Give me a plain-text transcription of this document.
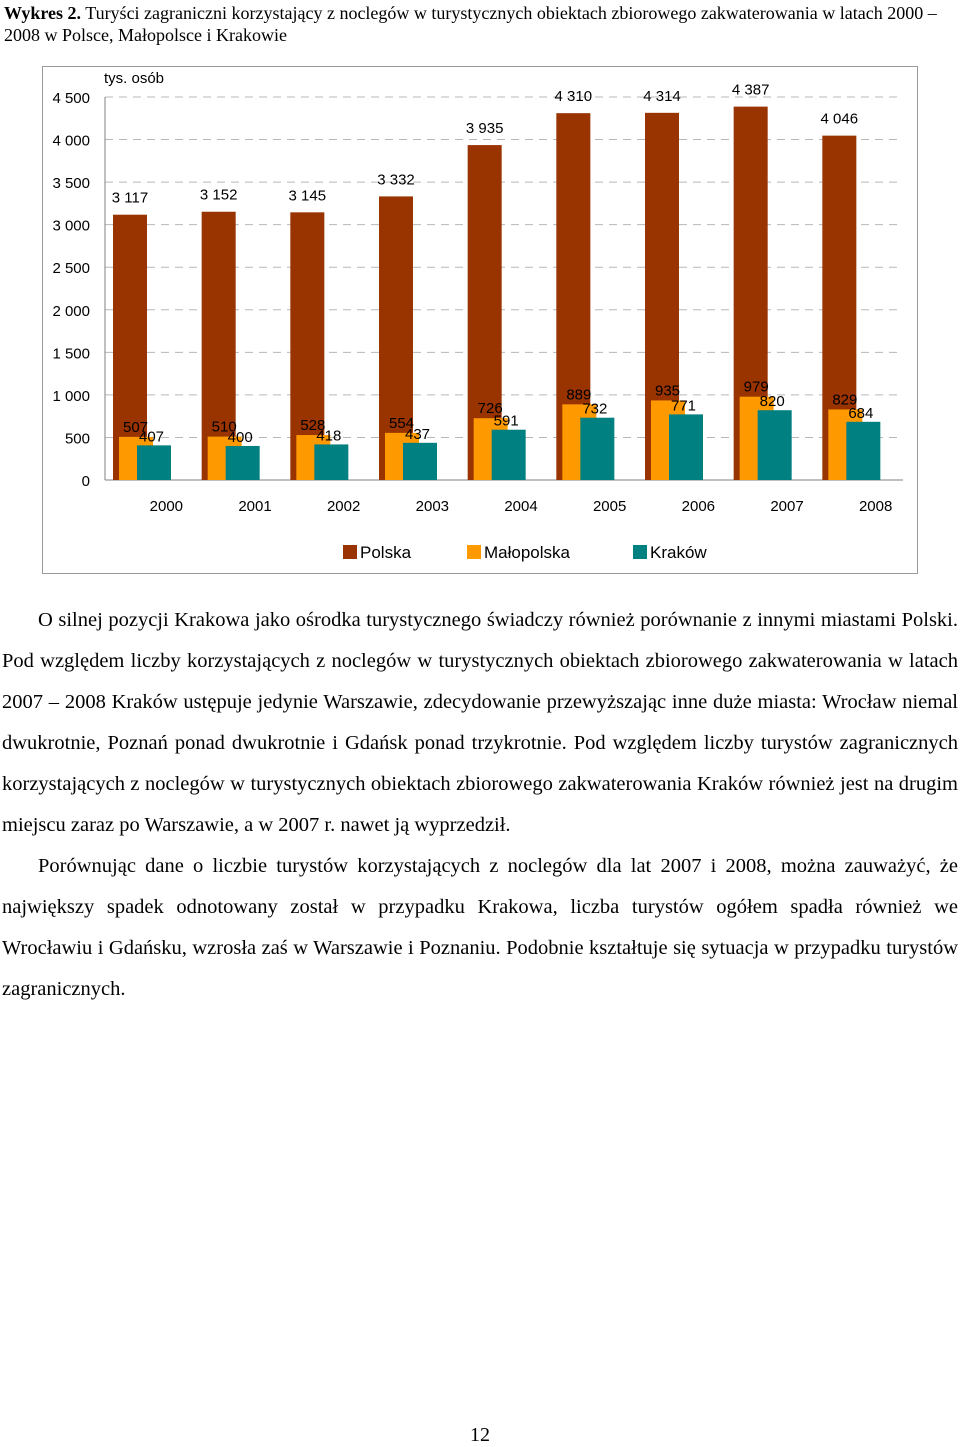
Wykres 2. Turyści zagraniczni korzystający z noclegów w turystycznych obiektach zbiorowego zakwaterowania w latach 2000 – 2008 w Polsce, Małopolsce i Krakowie
0
500
1 000
1 500
2 000
2 500
3 000
3 500
4 000
4 500
tys. osób
3 117
507
407
2000
3 152
510
400
2001
3 145
528
418
2002
3 332
554
437
2003
3 935
726
591
2004
4 310
889
732
2005
4 314
935
771
2006
4 387
979
820
2007
4 046
829
684
2008
Polska	Małopolska	Kraków

O silnej pozycji Krakowa jako ośrodka turystycznego świadczy również porównanie z innymi miastami Polski. Pod względem liczby korzystających z noclegów w turystycznych obiektach zbiorowego zakwaterowania w latach 2007 – 2008 Kraków ustępuje jedynie Warszawie, zdecydowanie przewyższając inne duże miasta: Wrocław niemal dwukrotnie, Poznań ponad dwukrotnie i Gdańsk ponad trzykrotnie. Pod względem liczby turystów zagranicznych korzystających z noclegów w turystycznych obiektach zbiorowego zakwaterowania Kraków również jest na drugim miejscu zaraz po Warszawie, a w 2007 r. nawet ją wyprzedził.

Porównując dane o liczbie turystów korzystających z noclegów dla lat 2007 i 2008, można zauważyć, że największy spadek odnotowany został w przypadku Krakowa, liczba turystów ogółem spadła również we Wrocławiu i Gdańsku, wzrosła zaś w Warszawie i Poznaniu. Podobnie kształtuje się sytuacja w przypadku turystów zagranicznych.

12
